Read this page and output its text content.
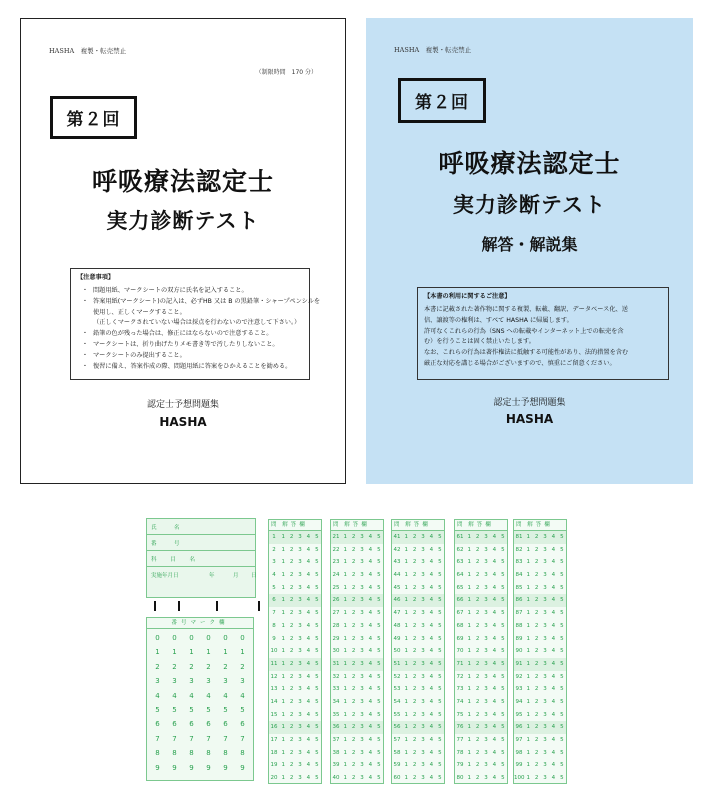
HASHA　複製・転売禁止
（制限時間　170 分）
第２回
呼吸療法認定士
実力診断テスト
【注意事項】
・ 問題用紙、マークシートの双方に氏名を記入すること。
・ 答案用紙(マークシート)の記入は、必ずHB 又は B の黒鉛筆・シャープペンシルを
使用し、正しくマークすること。
（正しくマークされていない場合は採点を行わないので注意して下さい。）
・ 鉛筆の色が残った場合は、修正にはならないので注意すること。
・ マークシートは、折り曲げたりメモ書き等で汚したりしないこと。
・ マークシートのみ提出すること。
・ 復習に備え、答案作成の際、問題用紙に答案をひかえることを勧める。
認定士予想問題集
HASHA
HASHA　複製・転売禁止
第２回
呼吸療法認定士
実力診断テスト
解答・解説集
【本書の利用に関するご注意】

本書に記載された著作物に関する複製、転載、翻訳、データベース化、送

信、譲渡等の権利は、すべて HASHA に帰属します。

許可なくこれらの行為（SNS への転載やインターネット上での転売を含

む）を行うことは固く禁止いたします。

なお、これらの行為は著作権法に抵触する可能性があり、法的措置を含む

厳正な対応を講じる場合がございますので、慎重にご留意ください。

認定士予想問題集
HASHA
氏　名
番　号
科 目 名
実施年月日	年	月 日
番号マーク欄
0	0	0	0	0	0
1	1	1	1	1	1
2	2	2	2	2	2
3	3	3	3	3	3
4	4	4	4	4	4
5	5	5	5	5	5
6	6	6	6	6	6
7	7	7	7	7	7
8	8	8	8	8	8
9	9	9	9	9	9
問 解答欄
1	1 2 3 4 5
2	1 2 3 4 5
3	1 2 3 4 5
4	1 2 3 4 5
5	1 2 3 4 5
6	1 2 3 4 5
7	1 2 3 4 5
8	1 2 3 4 5
9	1 2 3 4 5
10 1 2 3 4 5
11 1 2 3 4 5
12 1 2 3 4 5
13 1 2 3 4 5
14 1 2 3 4 5
15 1 2 3 4 5
16 1 2 3 4 5
17 1 2 3 4 5
18 1 2 3 4 5
19 1 2 3 4 5
20 1 2 3 4 5
問 解答欄
21 1 2 3 4 5
22 1 2 3 4 5
23 1 2 3 4 5
24 1 2 3 4 5
25 1 2 3 4 5
26 1 2 3 4 5
27 1 2 3 4 5
28 1 2 3 4 5
29 1 2 3 4 5
30 1 2 3 4 5
31 1 2 3 4 5
32 1 2 3 4 5
33 1 2 3 4 5
34 1 2 3 4 5
35 1 2 3 4 5
36 1 2 3 4 5
37 1 2 3 4 5
38 1 2 3 4 5
39 1 2 3 4 5
40 1 2 3 4 5
問 解答欄
41 1 2 3 4 5
42 1 2 3 4 5
43 1 2 3 4 5
44 1 2 3 4 5
45 1 2 3 4 5
46 1 2 3 4 5
47 1 2 3 4 5
48 1 2 3 4 5
49 1 2 3 4 5
50 1 2 3 4 5
51 1 2 3 4 5
52 1 2 3 4 5
53 1 2 3 4 5
54 1 2 3 4 5
55 1 2 3 4 5
56 1 2 3 4 5
57 1 2 3 4 5
58 1 2 3 4 5
59 1 2 3 4 5
60 1 2 3 4 5
問 解答欄
61 1 2 3 4 5
62 1 2 3 4 5
63 1 2 3 4 5
64 1 2 3 4 5
65 1 2 3 4 5
66 1 2 3 4 5
67 1 2 3 4 5
68 1 2 3 4 5
69 1 2 3 4 5
70 1 2 3 4 5
71 1 2 3 4 5
72 1 2 3 4 5
73 1 2 3 4 5
74 1 2 3 4 5
75 1 2 3 4 5
76 1 2 3 4 5
77 1 2 3 4 5
78 1 2 3 4 5
79 1 2 3 4 5
80 1 2 3 4 5
問 解答欄
81 1 2 3 4 5
82 1 2 3 4 5
83 1 2 3 4 5
84 1 2 3 4 5
85 1 2 3 4 5
86 1 2 3 4 5
87 1 2 3 4 5
88 1 2 3 4 5
89 1 2 3 4 5
90 1 2 3 4 5
91 1 2 3 4 5
92 1 2 3 4 5
93 1 2 3 4 5
94 1 2 3 4 5
95 1 2 3 4 5
96 1 2 3 4 5
97 1 2 3 4 5
98 1 2 3 4 5
99 1 2 3 4 5
100 1 2 3 4 5
